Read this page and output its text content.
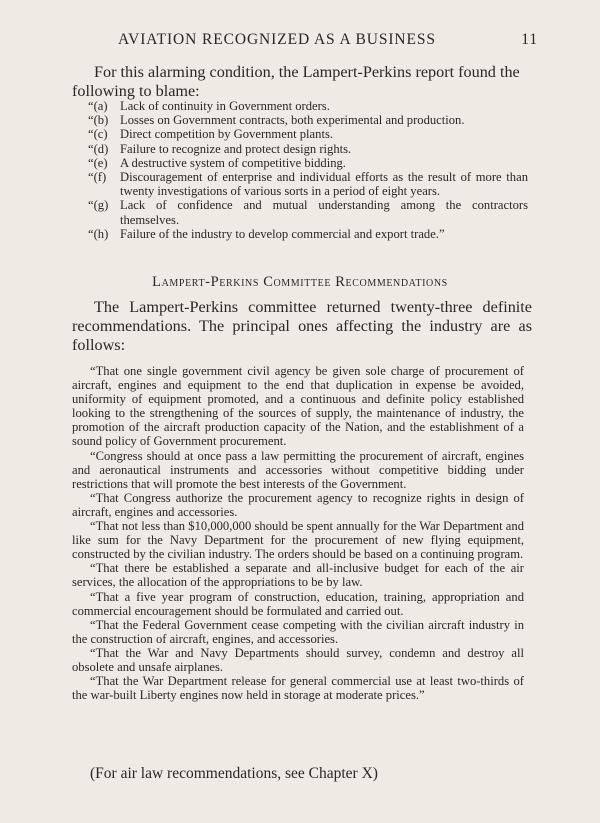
AVIATION RECOGNIZED AS A BUSINESS	11

For this alarming condition, the Lampert-Perkins report found the following to blame:

“(a) Lack of continuity in Government orders.
“(b) Losses on Government contracts, both experimental and production.
“(c) Direct competition by Government plants.
“(d) Failure to recognize and protect design rights.
“(e) A destructive system of competitive bidding.
“(f)	Discouragement of enterprise and individual efforts as the result of more than twenty investigations of various sorts in a period of eight years.
“(g) Lack of confidence and mutual understanding among the contractors themselves.
“(h) Failure of the industry to develop commercial and export trade.”
Lampert-Perkins Committee Recommendations

The Lampert-Perkins committee returned twenty-three definite recommendations. The principal ones affecting the industry are as follows:

“That one single government civil agency be given sole charge of procurement of aircraft, engines and equipment to the end that duplication in expense be avoided, uniformity of equipment promoted, and a continuous and definite policy established looking to the strengthening of the sources of supply, the maintenance of industry, the promotion of the aircraft production capacity of the Nation, and the establishment of a sound policy of Government procurement.

“Congress should at once pass a law permitting the procurement of aircraft, engines and aeronautical instruments and accessories without competitive bidding under restrictions that will promote the best interests of the Government.

“That Congress authorize the procurement agency to recognize rights in design of aircraft, engines and accessories.

“That not less than $10,000,000 should be spent annually for the War Department and like sum for the Navy Department for the procurement of new flying equipment, constructed by the civilian industry. The orders should be based on a continuing program.

“That there be established a separate and all-inclusive budget for each of the air services, the allocation of the appropriations to be by law.

“That a five year program of construction, education, training, appropriation and commercial encouragement should be formulated and carried out.

“That the Federal Government cease competing with the civilian aircraft industry in the construction of aircraft, engines, and accessories.

“That the War and Navy Departments should survey, condemn and destroy all obsolete and unsafe airplanes.

“That the War Department release for general commercial use at least two-thirds of the war-built Liberty engines now held in storage at moderate prices.”

(For air law recommendations, see Chapter X)
